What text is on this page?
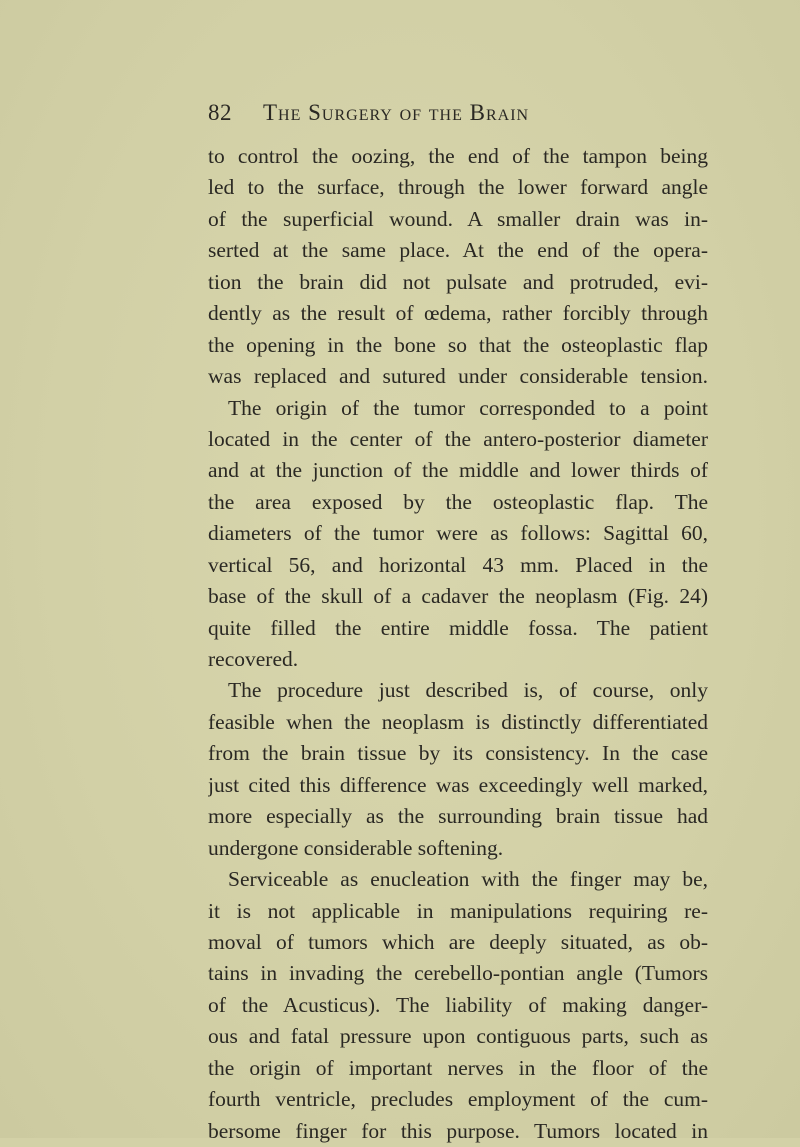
82 The Surgery of the Brain
to control the oozing, the end of the tampon being
led to the surface, through the lower forward angle
of the superficial wound. A smaller drain was in-
serted at the same place. At the end of the opera-
tion the brain did not pulsate and protruded, evi-
dently as the result of œdema, rather forcibly through
the opening in the bone so that the osteoplastic flap
was replaced and sutured under considerable tension.
The origin of the tumor corresponded to a point
located in the center of the antero-posterior diameter
and at the junction of the middle and lower thirds of
the area exposed by the osteoplastic flap. The
diameters of the tumor were as follows: Sagittal 60,
vertical 56, and horizontal 43 mm. Placed in the
base of the skull of a cadaver the neoplasm (Fig. 24)
quite filled the entire middle fossa. The patient
recovered.
The procedure just described is, of course, only
feasible when the neoplasm is distinctly differentiated
from the brain tissue by its consistency. In the case
just cited this difference was exceedingly well marked,
more especially as the surrounding brain tissue had
undergone considerable softening.
Serviceable as enucleation with the finger may be,
it is not applicable in manipulations requiring re-
moval of tumors which are deeply situated, as ob-
tains in invading the cerebello-pontian angle (Tumors
of the Acusticus). The liability of making danger-
ous and fatal pressure upon contiguous parts, such as
the origin of important nerves in the floor of the
fourth ventricle, precludes employment of the cum-
bersome finger for this purpose. Tumors located in
